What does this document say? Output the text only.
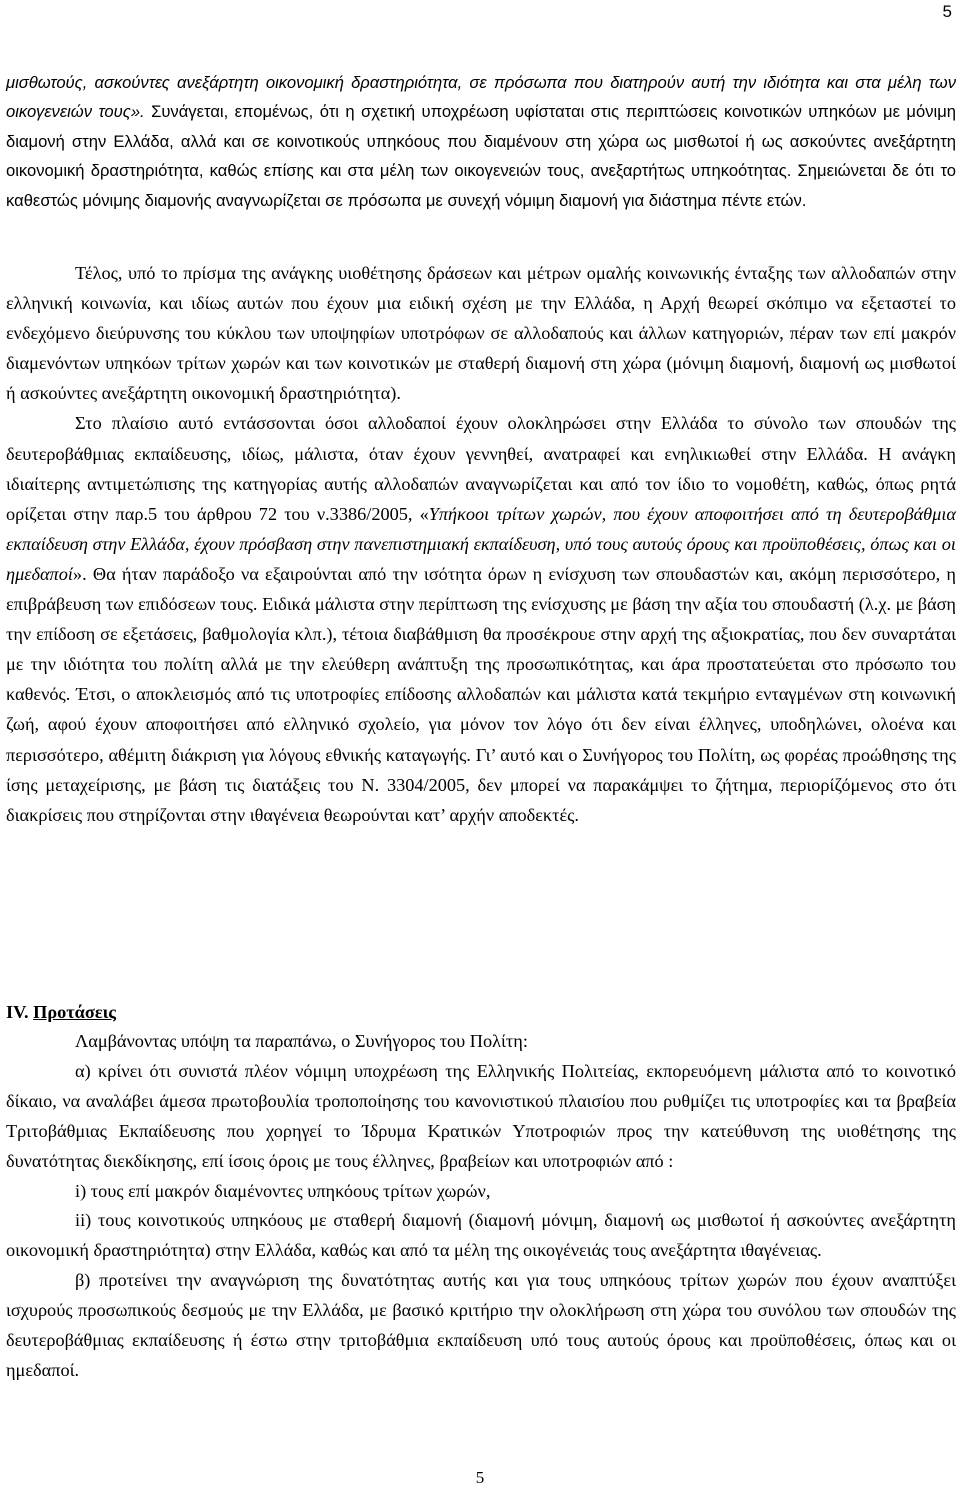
5

μισθωτούς, ασκούντες ανεξάρτητη οικονομική δραστηριότητα, σε πρόσωπα που διατηρούν αυτή την ιδιότητα και στα μέλη των οικογενειών τους». Συνάγεται, επομένως, ότι η σχετική υποχρέωση υφίσταται στις περιπτώσεις κοινοτικών υπηκόων με μόνιμη διαμονή στην Ελλάδα, αλλά και σε κοινοτικούς υπηκόους που διαμένουν στη χώρα ως μισθωτοί ή ως ασκούντες ανεξάρτητη οικονομική δραστηριότητα, καθώς επίσης και στα μέλη των οικογενειών τους, ανεξαρτήτως υπηκοότητας. Σημειώνεται δε ότι το καθεστώς μόνιμης διαμονής αναγνωρίζεται σε πρόσωπα με συνεχή νόμιμη διαμονή για διάστημα πέντε ετών.

Τέλος, υπό το πρίσμα της ανάγκης υιοθέτησης δράσεων και μέτρων ομαλής κοινωνικής ένταξης των αλλοδαπών στην ελληνική κοινωνία, και ιδίως αυτών που έχουν μια ειδική σχέση με την Ελλάδα, η Αρχή θεωρεί σκόπιμο να εξεταστεί το ενδεχόμενο διεύρυνσης του κύκλου των υποψηφίων υποτρόφων σε αλλοδαπούς και άλλων κατηγοριών, πέραν των επί μακρόν διαμενόντων υπηκόων τρίτων χωρών και των κοινοτικών με σταθερή διαμονή στη χώρα (μόνιμη διαμονή, διαμονή ως μισθωτοί ή ασκούντες ανεξάρτητη οικονομική δραστηριότητα).

Στο πλαίσιο αυτό εντάσσονται όσοι αλλοδαποί έχουν ολοκληρώσει στην Ελλάδα το σύνολο των σπουδών της δευτεροβάθμιας εκπαίδευσης, ιδίως, μάλιστα, όταν έχουν γεννηθεί, ανατραφεί και ενηλικιωθεί στην Ελλάδα. Η ανάγκη ιδιαίτερης αντιμετώπισης της κατηγορίας αυτής αλλοδαπών αναγνωρίζεται και από τον ίδιο το νομοθέτη, καθώς, όπως ρητά ορίζεται στην παρ.5 του άρθρου 72 του ν.3386/2005, «Υπήκοοι τρίτων χωρών, που έχουν αποφοιτήσει από τη δευτεροβάθμια εκπαίδευση στην Ελλάδα, έχουν πρόσβαση στην πανεπιστημιακή εκπαίδευση, υπό τους αυτούς όρους και προϋποθέσεις, όπως και οι ημεδαποί». Θα ήταν παράδοξο να εξαιρούνται από την ισότητα όρων η ενίσχυση των σπουδαστών και, ακόμη περισσότερο, η επιβράβευση των επιδόσεων τους. Ειδικά μάλιστα στην περίπτωση της ενίσχυσης με βάση την αξία του σπουδαστή (λ.χ. με βάση την επίδοση σε εξετάσεις, βαθμολογία κλπ.), τέτοια διαβάθμιση θα προσέκρουε στην αρχή της αξιοκρατίας, που δεν συναρτάται με την ιδιότητα του πολίτη αλλά με την ελεύθερη ανάπτυξη της προσωπικότητας, και άρα προστατεύεται στο πρόσωπο του καθενός. Έτσι, ο αποκλεισμός από τις υποτροφίες επίδοσης αλλοδαπών και μάλιστα κατά τεκμήριο ενταγμένων στη κοινωνική ζωή, αφού έχουν αποφοιτήσει από ελληνικό σχολείο, για μόνον τον λόγο ότι δεν είναι έλληνες, υποδηλώνει, ολοένα και περισσότερο, αθέμιτη διάκριση για λόγους εθνικής καταγωγής. Γι’ αυτό και ο Συνήγορος του Πολίτη, ως φορέας προώθησης της ίσης μεταχείρισης, με βάση τις διατάξεις του Ν. 3304/2005, δεν μπορεί να παρακάμψει το ζήτημα, περιορίζόμενος στο ότι διακρίσεις που στηρίζονται στην ιθαγένεια θεωρούνται κατ’ αρχήν αποδεκτές.

IV. Προτάσεις

Λαμβάνοντας υπόψη τα παραπάνω, ο Συνήγορος του Πολίτη:

α) κρίνει ότι συνιστά πλέον νόμιμη υποχρέωση της Ελληνικής Πολιτείας, εκπορευόμενη μάλιστα από το κοινοτικό δίκαιο, να αναλάβει άμεσα πρωτοβουλία τροποποίησης του κανονιστικού πλαισίου που ρυθμίζει τις υποτροφίες και τα βραβεία Τριτοβάθμιας Εκπαίδευσης που χορηγεί το Ίδρυμα Κρατικών Υποτροφιών προς την κατεύθυνση της υιοθέτησης της δυνατότητας διεκδίκησης, επί ίσοις όροις με τους έλληνες, βραβείων και υποτροφιών από :

i) τους επί μακρόν διαμένοντες υπηκόους τρίτων χωρών,

ii) τους κοινοτικούς υπηκόους με σταθερή διαμονή (διαμονή μόνιμη, διαμονή ως μισθωτοί ή ασκούντες ανεξάρτητη οικονομική δραστηριότητα) στην Ελλάδα, καθώς και από τα μέλη της οικογένειάς τους ανεξάρτητα ιθαγένειας.

β) προτείνει την αναγνώριση της δυνατότητας αυτής και για τους υπηκόους τρίτων χωρών που έχουν αναπτύξει ισχυρούς προσωπικούς δεσμούς με την Ελλάδα, με βασικό κριτήριο την ολοκλήρωση στη χώρα του συνόλου των σπουδών της δευτεροβάθμιας εκπαίδευσης ή έστω στην τριτοβάθμια εκπαίδευση υπό τους αυτούς όρους και προϋποθέσεις, όπως και οι ημεδαποί.

5
